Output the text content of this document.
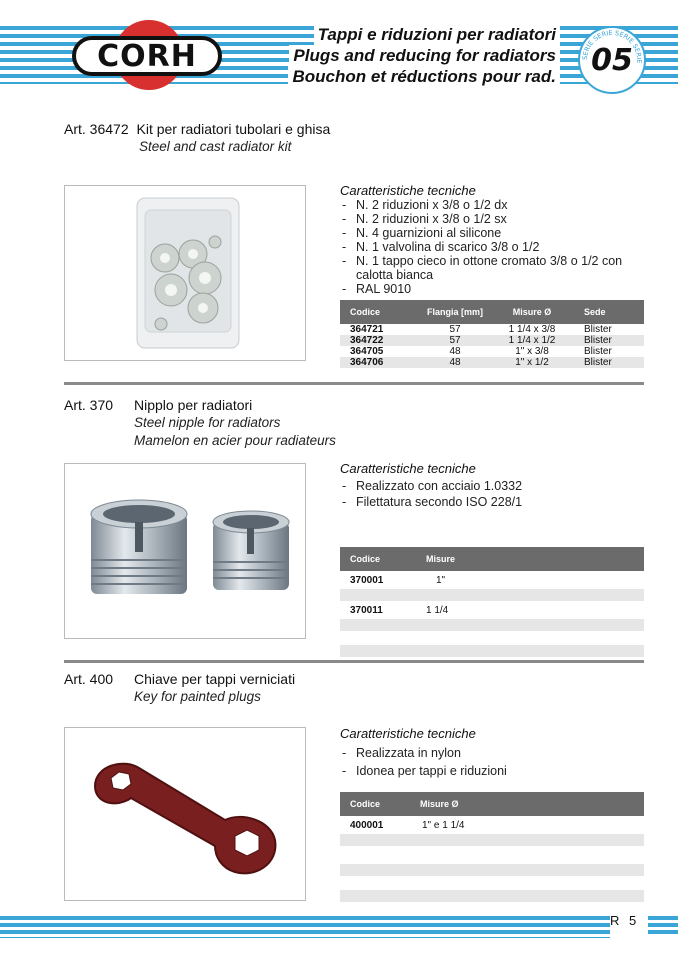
CORH
Tappi e riduzioni per radiatori
Plugs and reducing for radiators
Bouchon et réductions pour rad.
SERIE SERIE SERIE SERIE
05
Art. 36472 Kit per radiatori tubolari e ghisa
Steel and cast radiator kit
Caratteristiche tecniche
- N. 2 riduzioni x 3/8 o 1/2 dx
- N. 2 riduzioni x 3/8 o 1/2 sx
- N. 4 guarnizioni al silicone
- N. 1 valvolina di scarico 3/8 o 1/2
- N. 1 tappo cieco in ottone cromato 3/8 o 1/2 con calotta bianca
- RAL 9010
Codice	Flangia [mm]	Misure Ø	Sede
364721	57	1 1/4 x 3/8	Blister
364722	57	1 1/4 x 1/2	Blister
364705	48	1" x 3/8	Blister
364706	48	1" x 1/2	Blister
Art. 370 Nipplo per radiatori
Steel nipple for radiators
Mamelon en acier pour radiateurs
Caratteristiche tecniche
- Realizzato con acciaio 1.0332
- Filettatura secondo ISO 228/1
Codice	Misure
370001	1"

370011	1 1/4

Art. 400 Chiave per tappi verniciati
Key for painted plugs
Caratteristiche tecniche
- Realizzata in nylon
- Idonea per tappi e riduzioni
Codice	Misure Ø
400001	1" e 1 1/4

R 5
